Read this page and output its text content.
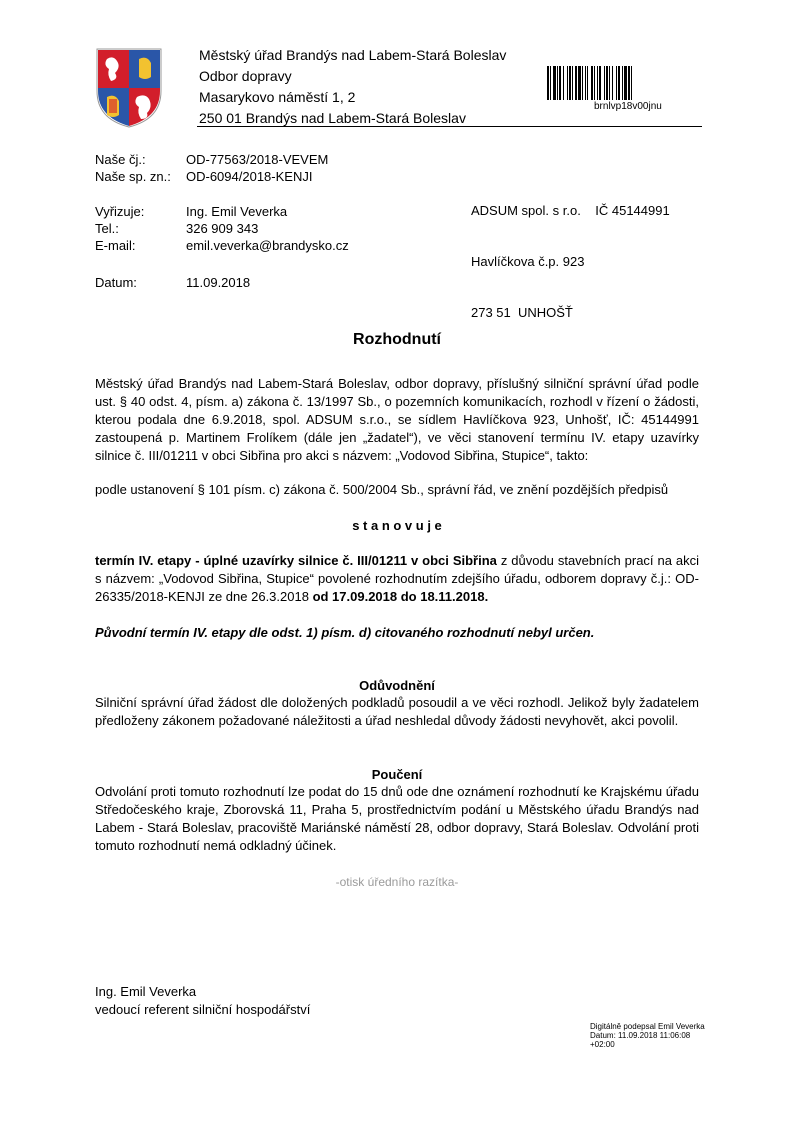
Městský úřad Brandýs nad Labem-Stará Boleslav
Odbor dopravy
Masarykovo náměstí 1, 2
250 01 Brandýs nad Labem-Stará Boleslav
brnlvp18v00jnu
Naše čj.:	OD-77563/2018-VEVEM
Naše sp. zn.: OD-6094/2018-KENJI
Vyřizuje:	Ing. Emil Veverka
Tel.:	326 909 343
E-mail:	emil.veverka@brandysko.cz
Datum:	11.09.2018

ADSUM spol. s r.o.    IČ 45144991

Havlíčkova č.p. 923

273 51  UNHOŠŤ

Rozhodnutí
Městský úřad Brandýs nad Labem-Stará Boleslav, odbor dopravy, příslušný silniční správní úřad podle ust. § 40 odst. 4, písm. a) zákona č. 13/1997 Sb., o pozemních komunikacích, rozhodl v řízení o žádosti, kterou podala dne 6.9.2018, spol. ADSUM s.r.o., se sídlem Havlíčkova 923, Unhošť, IČ: 45144991 zastoupená p. Martinem Frolíkem (dále jen „žadatel“), ve věci stanovení termínu IV. etapy uzavírky silnice č. III/01211 v obci Sibřina pro akci s názvem: „Vodovod Sibřina, Stupice“, takto:
podle ustanovení § 101 písm. c) zákona č. 500/2004 Sb., správní řád, ve znění pozdějších předpisů
s t a n o v u j e
termín IV. etapy - úplné uzavírky silnice č. III/01211 v obci Sibřina z důvodu stavebních prací na akci s názvem: „Vodovod Sibřina, Stupice“ povolené rozhodnutím zdejšího úřadu, odborem dopravy č.j.: OD-26335/2018-KENJI ze dne 26.3.2018 od 17.09.2018 do 18.11.2018.
Původní termín IV. etapy dle odst. 1) písm. d) citovaného rozhodnutí nebyl určen.
Odůvodnění
Silniční správní úřad žádost dle doložených podkladů posoudil a ve věci rozhodl. Jelikož byly žadatelem předloženy zákonem požadované náležitosti a úřad neshledal důvody žádosti nevyhovět, akci povolil.
Poučení
Odvolání proti tomuto rozhodnutí lze podat do 15 dnů ode dne oznámení rozhodnutí ke Krajskému úřadu Středočeského kraje, Zborovská 11, Praha 5, prostřednictvím podání u Městského úřadu Brandýs nad Labem - Stará Boleslav, pracoviště Mariánské náměstí 28, odbor dopravy, Stará Boleslav. Odvolání proti tomuto rozhodnutí nemá odkladný účinek.
-otisk úředního razítka-
Ing. Emil Veverka
vedoucí referent silniční hospodářství
Digitálně podepsal Emil Veverka
Datum: 11.09.2018 11:06:08
+02:00
